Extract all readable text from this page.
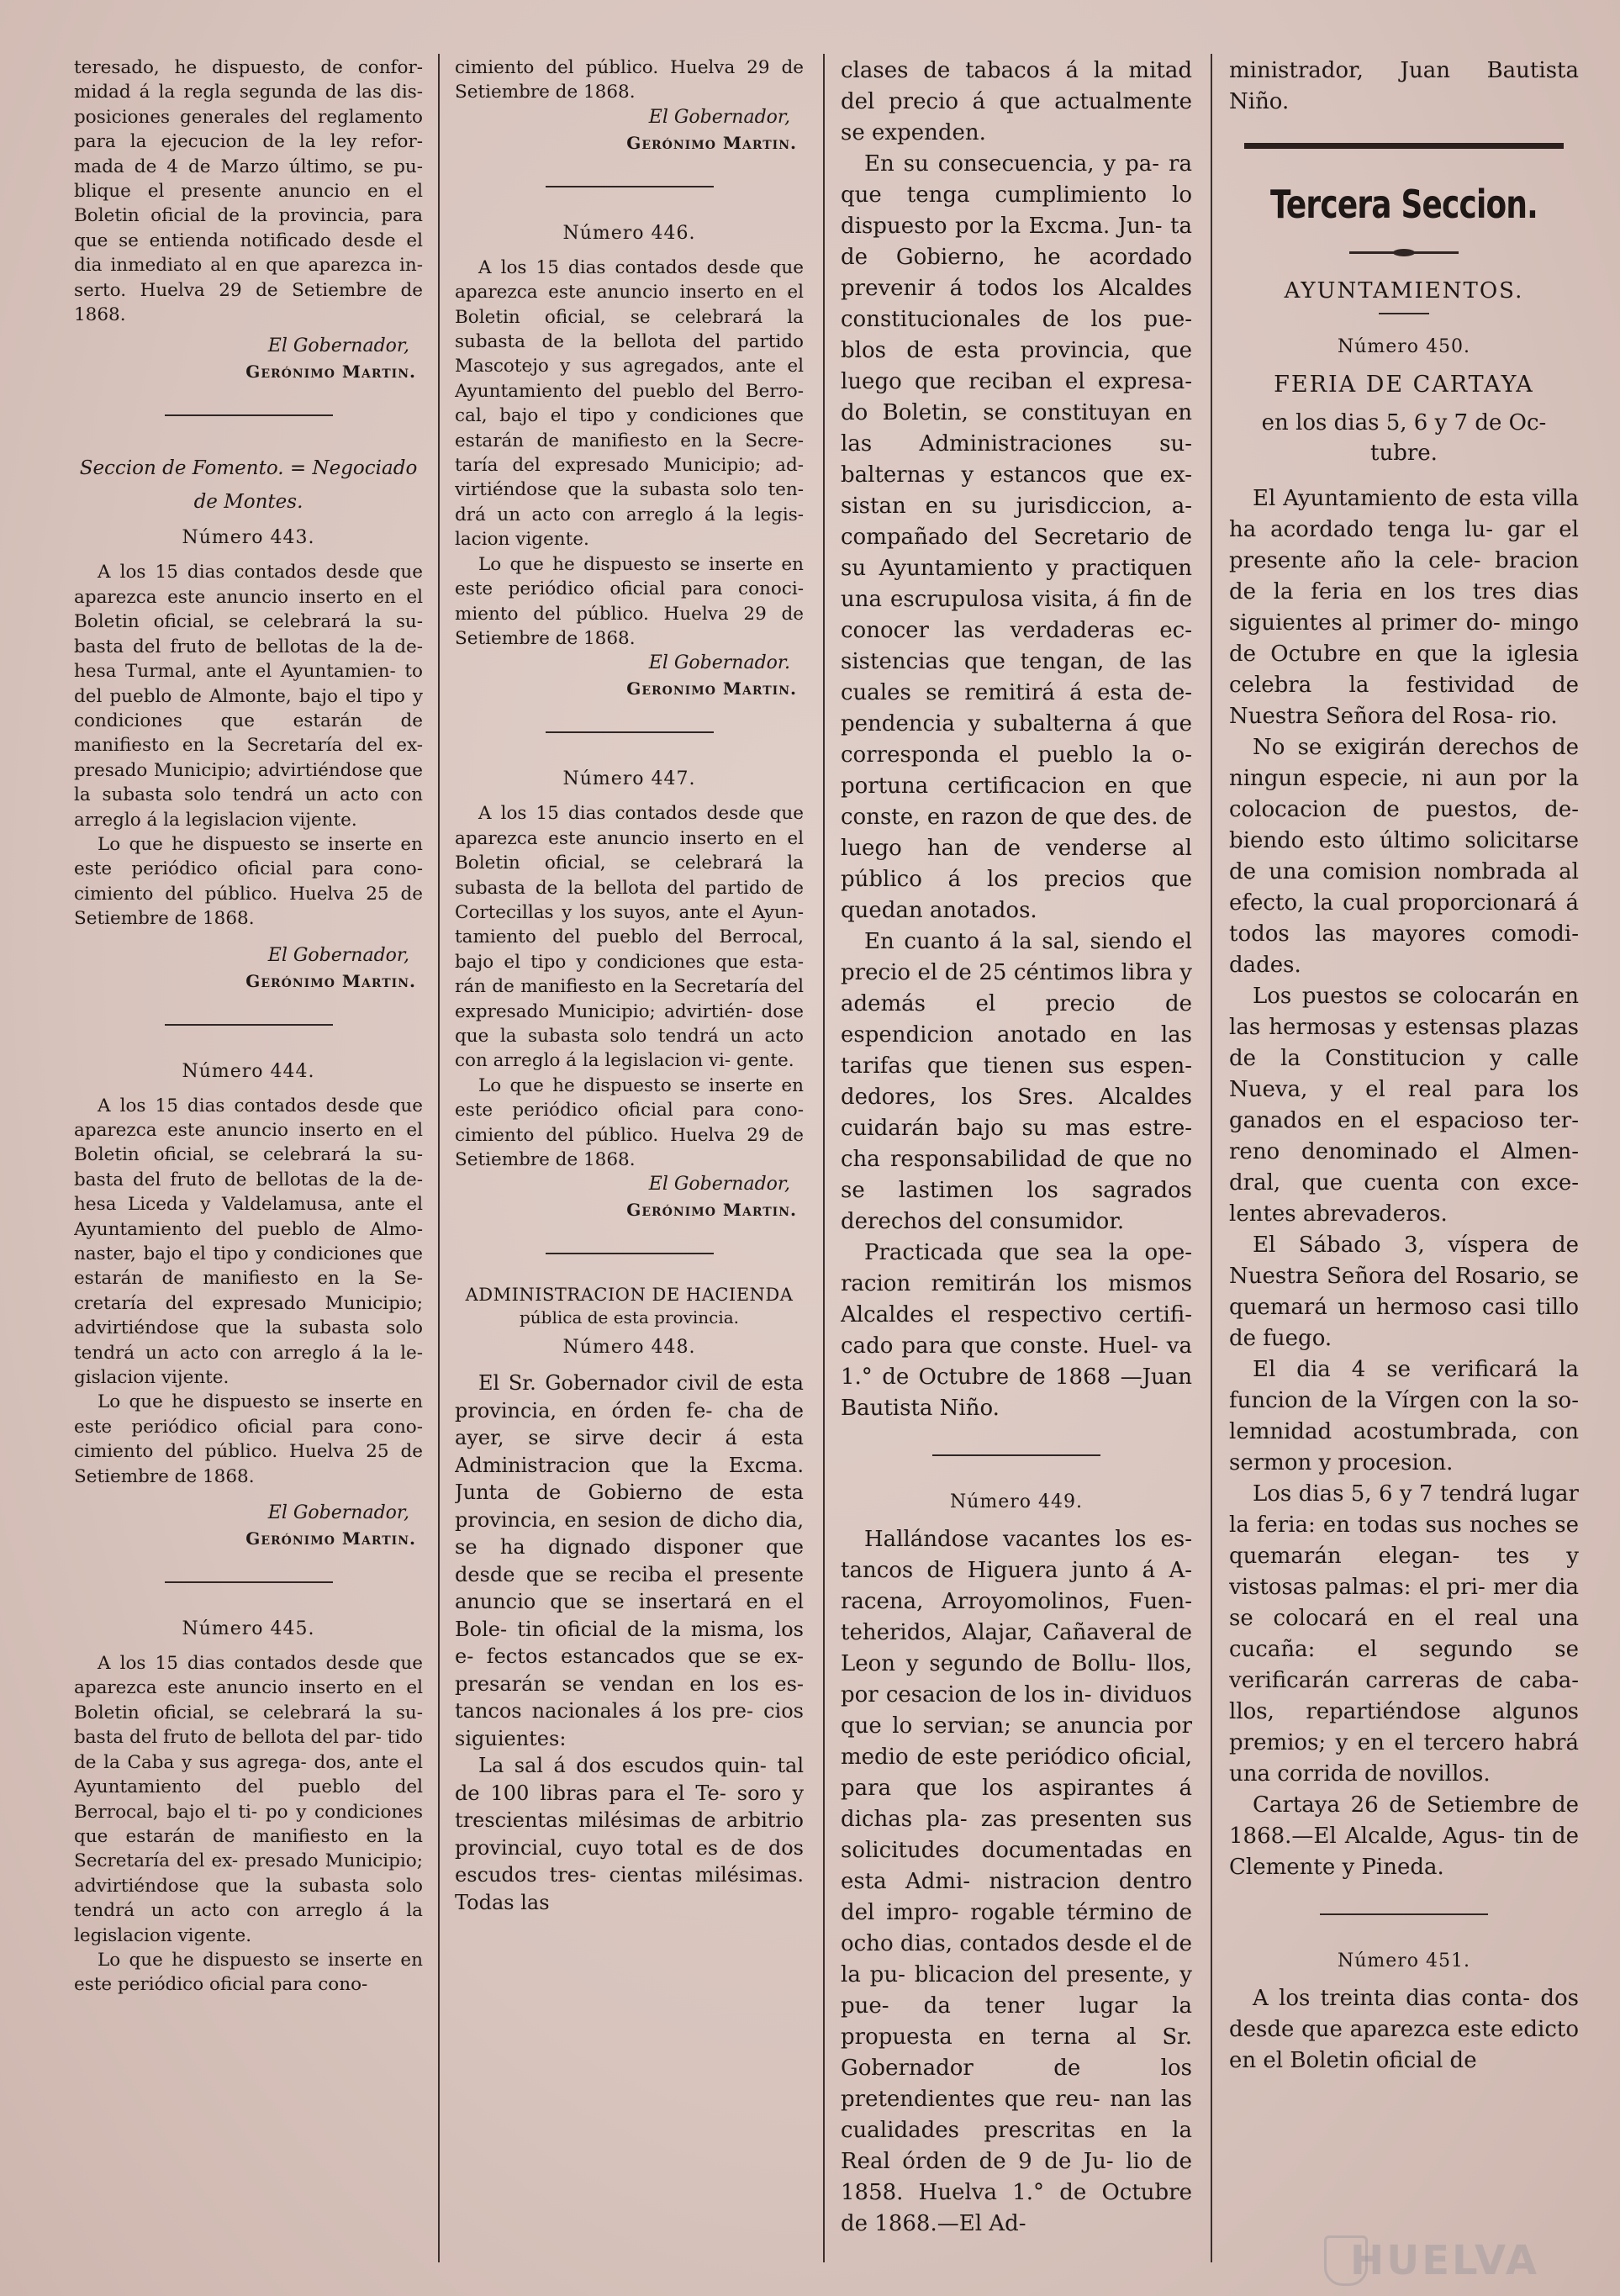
teresado, he dispuesto, de confor- midad á la regla segunda de las dis- posiciones generales del reglamento para la ejecucion de la ley refor- mada de 4 de Marzo último, se pu- blique el presente anuncio en el Boletin oficial de la provincia, para que se entienda notificado desde el dia inmediato al en que aparezca in- serto. Huelva 29 de Setiembre de 1868.

El Gobernador,
Gerónimo Martin.
Seccion de Fomento. = Negociado de Montes.
Número 443.

A los 15 dias contados desde que aparezca este anuncio inserto en el Boletin oficial, se celebrará la su- basta del fruto de bellotas de la de- hesa Turmal, ante el Ayuntamien- to del pueblo de Almonte, bajo el tipo y condiciones que estarán de manifiesto en la Secretaría del ex- presado Municipio; advirtiéndose que la subasta solo tendrá un acto con arreglo á la legislacion vijente.

Lo que he dispuesto se inserte en este periódico oficial para cono- cimiento del público. Huelva 25 de Setiembre de 1868.

El Gobernador,
Gerónimo Martin.
Número 444.

A los 15 dias contados desde que aparezca este anuncio inserto en el Boletin oficial, se celebrará la su- basta del fruto de bellotas de la de- hesa Liceda y Valdelamusa, ante el Ayuntamiento del pueblo de Almo- naster, bajo el tipo y condiciones que estarán de manifiesto en la Se- cretaría del expresado Municipio; advirtiéndose que la subasta solo tendrá un acto con arreglo á la le- gislacion vijente.

Lo que he dispuesto se inserte en este periódico oficial para cono- cimiento del público. Huelva 25 de Setiembre de 1868.

El Gobernador,
Gerónimo Martin.
Número 445.

A los 15 dias contados desde que aparezca este anuncio inserto en el Boletin oficial, se celebrará la su- basta del fruto de bellota del par- tido de la Caba y sus agrega- dos, ante el Ayuntamiento del pueblo del Berrocal, bajo el ti- po y condiciones que estarán de manifiesto en la Secretaría del ex- presado Municipio; advirtiéndose que la subasta solo tendrá un acto con arreglo á la legislacion vigente.

Lo que he dispuesto se inserte en este periódico oficial para cono-

cimiento del público. Huelva 29 de Setiembre de 1868.

El Gobernador,
Gerónimo Martin.
Número 446.

A los 15 dias contados desde que aparezca este anuncio inserto en el Boletin oficial, se celebrará la subasta de la bellota del partido Mascotejo y sus agregados, ante el Ayuntamiento del pueblo del Berro- cal, bajo el tipo y condiciones que estarán de manifiesto en la Secre- taría del expresado Municipio; ad- virtiéndose que la subasta solo ten- drá un acto con arreglo á la legis- lacion vigente.

Lo que he dispuesto se inserte en este periódico oficial para conoci- miento del público. Huelva 29 de Setiembre de 1868.

El Gobernador.
Geronimo Martin.
Número 447.

A los 15 dias contados desde que aparezca este anuncio inserto en el Boletin oficial, se celebrará la subasta de la bellota del partido de Cortecillas y los suyos, ante el Ayun- tamiento del pueblo del Berrocal, bajo el tipo y condiciones que esta- rán de manifiesto en la Secretaría del expresado Municipio; advirtién- dose que la subasta solo tendrá un acto con arreglo á la legislacion vi- gente.

Lo que he dispuesto se inserte en este periódico oficial para cono- cimiento del público. Huelva 29 de Setiembre de 1868.

El Gobernador,
Gerónimo Martin.
ADMINISTRACION DE HACIENDA
pública de esta provincia.
Número 448.

El Sr. Gobernador civil de esta provincia, en órden fe- cha de ayer, se sirve decir á esta Administracion que la Excma. Junta de Gobierno de esta provincia, en sesion de dicho dia, se ha dignado disponer que desde que se reciba el presente anuncio que se insertará en el Bole- tin oficial de la misma, los e- fectos estancados que se ex- presarán se vendan en los es- tancos nacionales á los pre- cios siguientes:

La sal á dos escudos quin- tal de 100 libras para el Te- soro y trescientas milésimas de arbitrio provincial, cuyo total es de dos escudos tres- cientas milésimas. Todas las

clases de tabacos á la mitad del precio á que actualmente se expenden.

En su consecuencia, y pa- ra que tenga cumplimiento lo dispuesto por la Excma. Jun- ta de Gobierno, he acordado prevenir á todos los Alcaldes constitucionales de los pue- blos de esta provincia, que luego que reciban el expresa- do Boletin, se constituyan en las Administraciones su- balternas y estancos que ex- sistan en su jurisdiccion, a- compañado del Secretario de su Ayuntamiento y practiquen una escrupulosa visita, á fin de conocer las verdaderas ec- sistencias que tengan, de las cuales se remitirá á esta de- pendencia y subalterna á que corresponda el pueblo la o- portuna certificacion en que conste, en razon de que des. de luego han de venderse al público á los precios que quedan anotados.

En cuanto á la sal, siendo el precio el de 25 céntimos libra y además el precio de espendicion anotado en las tarifas que tienen sus espen- dedores, los Sres. Alcaldes cuidarán bajo su mas estre- cha responsabilidad de que no se lastimen los sagrados derechos del consumidor.

Practicada que sea la ope- racion remitirán los mismos Alcaldes el respectivo certifi- cado para que conste. Huel- va 1.° de Octubre de 1868 —Juan Bautista Niño.

Número 449.

Hallándose vacantes los es- tancos de Higuera junto á A- racena, Arroyomolinos, Fuen- teheridos, Alajar, Cañaveral de Leon y segundo de Bollu- llos, por cesacion de los in- dividuos que lo servian; se anuncia por medio de este periódico oficial, para que los aspirantes á dichas pla- zas presenten sus solicitudes documentadas en esta Admi- nistracion dentro del impro- rogable término de ocho dias, contados desde el de la pu- blicacion del presente, y pue- da tener lugar la propuesta en terna al Sr. Gobernador de los pretendientes que reu- nan las cualidades prescritas en la Real órden de 9 de Ju- lio de 1858. Huelva 1.° de Octubre de 1868.—El Ad-

ministrador, Juan Bautista Niño.

Tercera Seccion.
AYUNTAMIENTOS.
Número 450.
FERIA DE CARTAYA
en los dias 5, 6 y 7 de Oc- tubre.

El Ayuntamiento de esta villa ha acordado tenga lu- gar el presente año la cele- bracion de la feria en los tres dias siguientes al primer do- mingo de Octubre en que la iglesia celebra la festividad de Nuestra Señora del Rosa- rio.

No se exigirán derechos de ningun especie, ni aun por la colocacion de puestos, de- biendo esto último solicitarse de una comision nombrada al efecto, la cual proporcionará á todos las mayores comodi- dades.

Los puestos se colocarán en las hermosas y estensas plazas de la Constitucion y calle Nueva, y el real para los ganados en el espacioso ter- reno denominado el Almen- dral, que cuenta con exce- lentes abrevaderos.

El Sábado 3, víspera de Nuestra Señora del Rosario, se quemará un hermoso casi tillo de fuego.

El dia 4 se verificará la funcion de la Vírgen con la so- lemnidad acostumbrada, con sermon y procesion.

Los dias 5, 6 y 7 tendrá lugar la feria: en todas sus noches se quemarán elegan- tes y vistosas palmas: el pri- mer dia se colocará en el real una cucaña: el segundo se verificarán carreras de caba- llos, repartiéndose algunos premios; y en el tercero habrá una corrida de novillos.

Cartaya 26 de Setiembre de 1868.—El Alcalde, Agus- tin de Clemente y Pineda.

Número 451.

A los treinta dias conta- dos desde que aparezca este edicto en el Boletin oficial de

HUELVA
